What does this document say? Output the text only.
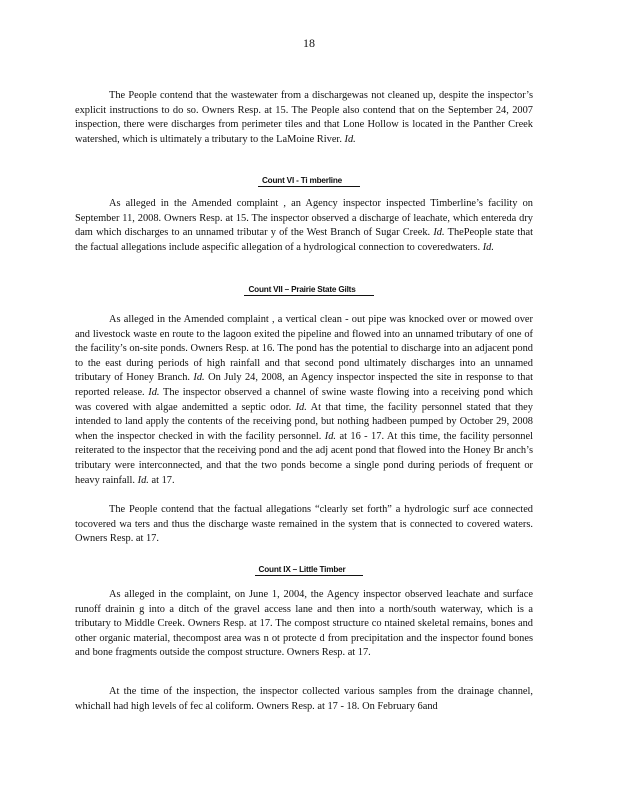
18

The People contend that the wastewater from a dischargewas not cleaned up, despite the inspector’s explicit instructions to do so. Owners Resp. at 15. The People also contend that on the September 24, 2007 inspection, there were discharges from perimeter tiles and that Lone Hollow is located in the Panther Creek watershed, which is ultimately a tributary to the LaMoine River. Id.

Count VI - Ti mberline

As alleged in the Amended complaint , an Agency inspector inspected Timberline’s facility on September 11, 2008. Owners Resp. at 15. The inspector observed a discharge of leachate, which entereda dry dam which discharges to an unnamed tributar y of the West Branch of Sugar Creek. Id. ThePeople state that the factual allegations include aspecific allegation of a hydrological connection to coveredwaters. Id.

Count VII – Prairie State Gilts

As alleged in the Amended complaint , a vertical clean - out pipe was knocked over or mowed over and livestock waste en route to the lagoon exited the pipeline and flowed into an unnamed tributary of one of the facility’s on-site ponds. Owners Resp. at 16. The pond has the potential to discharge into an adjacent pond to the east during periods of high rainfall and that second pond ultimately discharges into an unnamed tributary of Honey Branch. Id. On July 24, 2008, an Agency inspector inspected the site in response to that reported release. Id. The inspector observed a channel of swine waste flowing into a receiving pond which was covered with algae andemitted a septic odor. Id. At that time, the facility personnel stated that they intended to land apply the contents of the receiving pond, but nothing hadbeen pumped by October 29, 2008 when the inspector checked in with the facility personnel. Id. at 16 - 17. At this time, the facility personnel reiterated to the inspector that the receiving pond and the adj acent pond that flowed into the Honey Br anch’s tributary were interconnected, and that the two ponds become a single pond during periods of frequent or heavy rainfall. Id. at 17.

The People contend that the factual allegations “clearly set forth” a hydrologic surf ace connected tocovered wa ters and thus the discharge waste remained in the system that is connected to covered waters. Owners Resp. at 17.

Count IX – Little Timber

As alleged in the complaint, on June 1, 2004, the Agency inspector observed leachate and surface runoff drainin g into a ditch of the gravel access lane and then into a north/south waterway, which is a tributary to Middle Creek. Owners Resp. at 17. The compost structure co ntained skeletal remains, bones and other organic material, thecompost area was n ot protecte d from precipitation and the inspector found bones and bone fragments outside the compost structure. Owners Resp. at 17.

At the time of the inspection, the inspector collected various samples from the drainage channel, whichall had high levels of fec al coliform. Owners Resp. at 17 - 18. On February 6and
